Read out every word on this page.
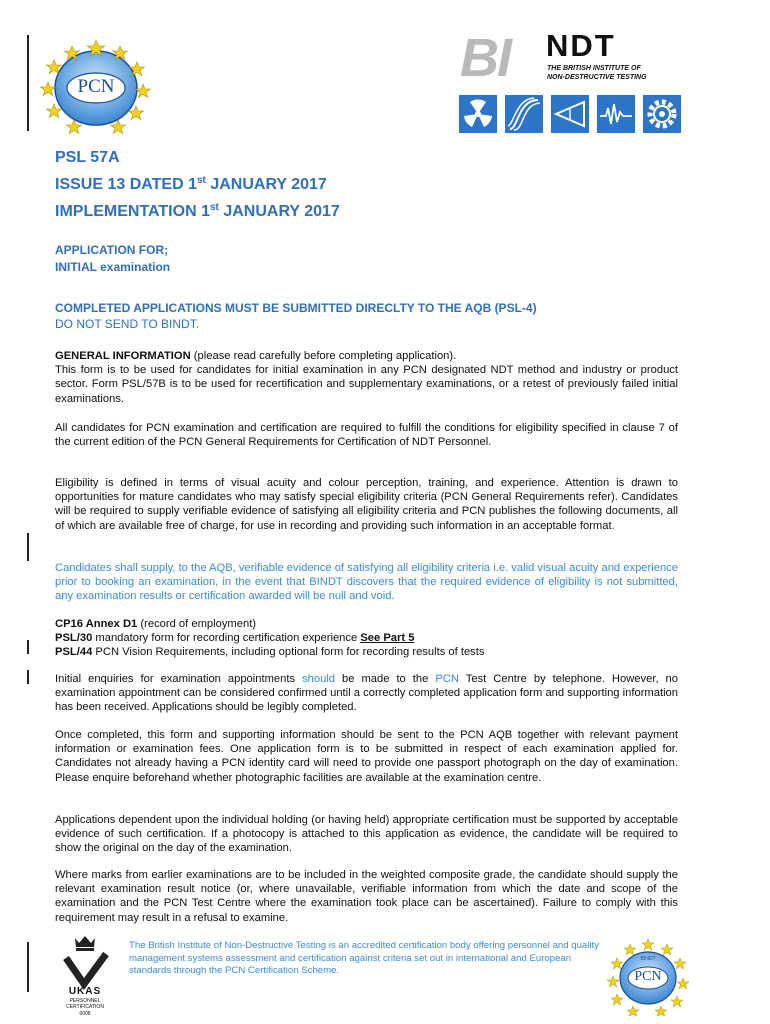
PCN	BI NDT
THE BRITISH INSTITUTE OF
NON-DESTRUCTIVE TESTING
PSL 57A
ISSUE 13 DATED 1st JANUARY 2017
IMPLEMENTATION 1st JANUARY 2017
APPLICATION FOR;
INITIAL examination
COMPLETED APPLICATIONS MUST BE SUBMITTED DIRECLTY TO THE AQB (PSL-4)
DO NOT SEND TO BINDT.
GENERAL INFORMATION (please read carefully before completing application).
This form is to be used for candidates for initial examination in any PCN designated NDT method and industry or product sector. Form PSL/57B is to be used for recertification and supplementary examinations, or a retest of previously failed initial examinations.
All candidates for PCN examination and certification are required to fulfill the conditions for eligibility specified in clause 7 of the current edition of the PCN General Requirements for Certification of NDT Personnel.
Eligibility is defined in terms of visual acuity and colour perception, training, and experience. Attention is drawn to opportunities for mature candidates who may satisfy special eligibility criteria (PCN General Requirements refer). Candidates will be required to supply verifiable evidence of satisfying all eligibility criteria and PCN publishes the following documents, all of which are available free of charge, for use in recording and providing such information in an acceptable format.
Candidates shall supply, to the AQB, verifiable evidence of satisfying all eligibility criteria i.e. valid visual acuity and experience prior to booking an examination, in the event that BINDT discovers that the required evidence of eligibility is not submitted, any examination results or certification awarded will be null and void.
CP16 Annex D1 (record of employment)
PSL/30 mandatory form for recording certification experience See Part 5
PSL/44 PCN Vision Requirements, including optional form for recording results of tests
Initial enquiries for examination appointments should be made to the PCN Test Centre by telephone. However, no examination appointment can be considered confirmed until a correctly completed application form and supporting information has been received. Applications should be legibly completed.
Once completed, this form and supporting information should be sent to the PCN AQB together with relevant payment information or examination fees. One application form is to be submitted in respect of each examination applied for. Candidates not already having a PCN identity card will need to provide one passport photograph on the day of examination. Please enquire beforehand whether photographic facilities are available at the examination centre.
Applications dependent upon the individual holding (or having held) appropriate certification must be supported by acceptable evidence of such certification. If a photocopy is attached to this application as evidence, the candidate will be required to show the original on the day of the examination.
Where marks from earlier examinations are to be included in the weighted composite grade, the candidate should supply the relevant examination result notice (or, where unavailable, verifiable information from which the date and scope of the examination and the PCN Test Centre where the examination took place can be ascertained). Failure to comply with this requirement may result in a refusal to examine.
UKAS
PERSONNEL
CERTIFICATION
0008
The British Institute of Non-Destructive Testing is an accredited certification body offering personnel and quality management systems assessment and certification against criteria set out in international and European standards through the PCN Certification Scheme.
BINDT
PCN
